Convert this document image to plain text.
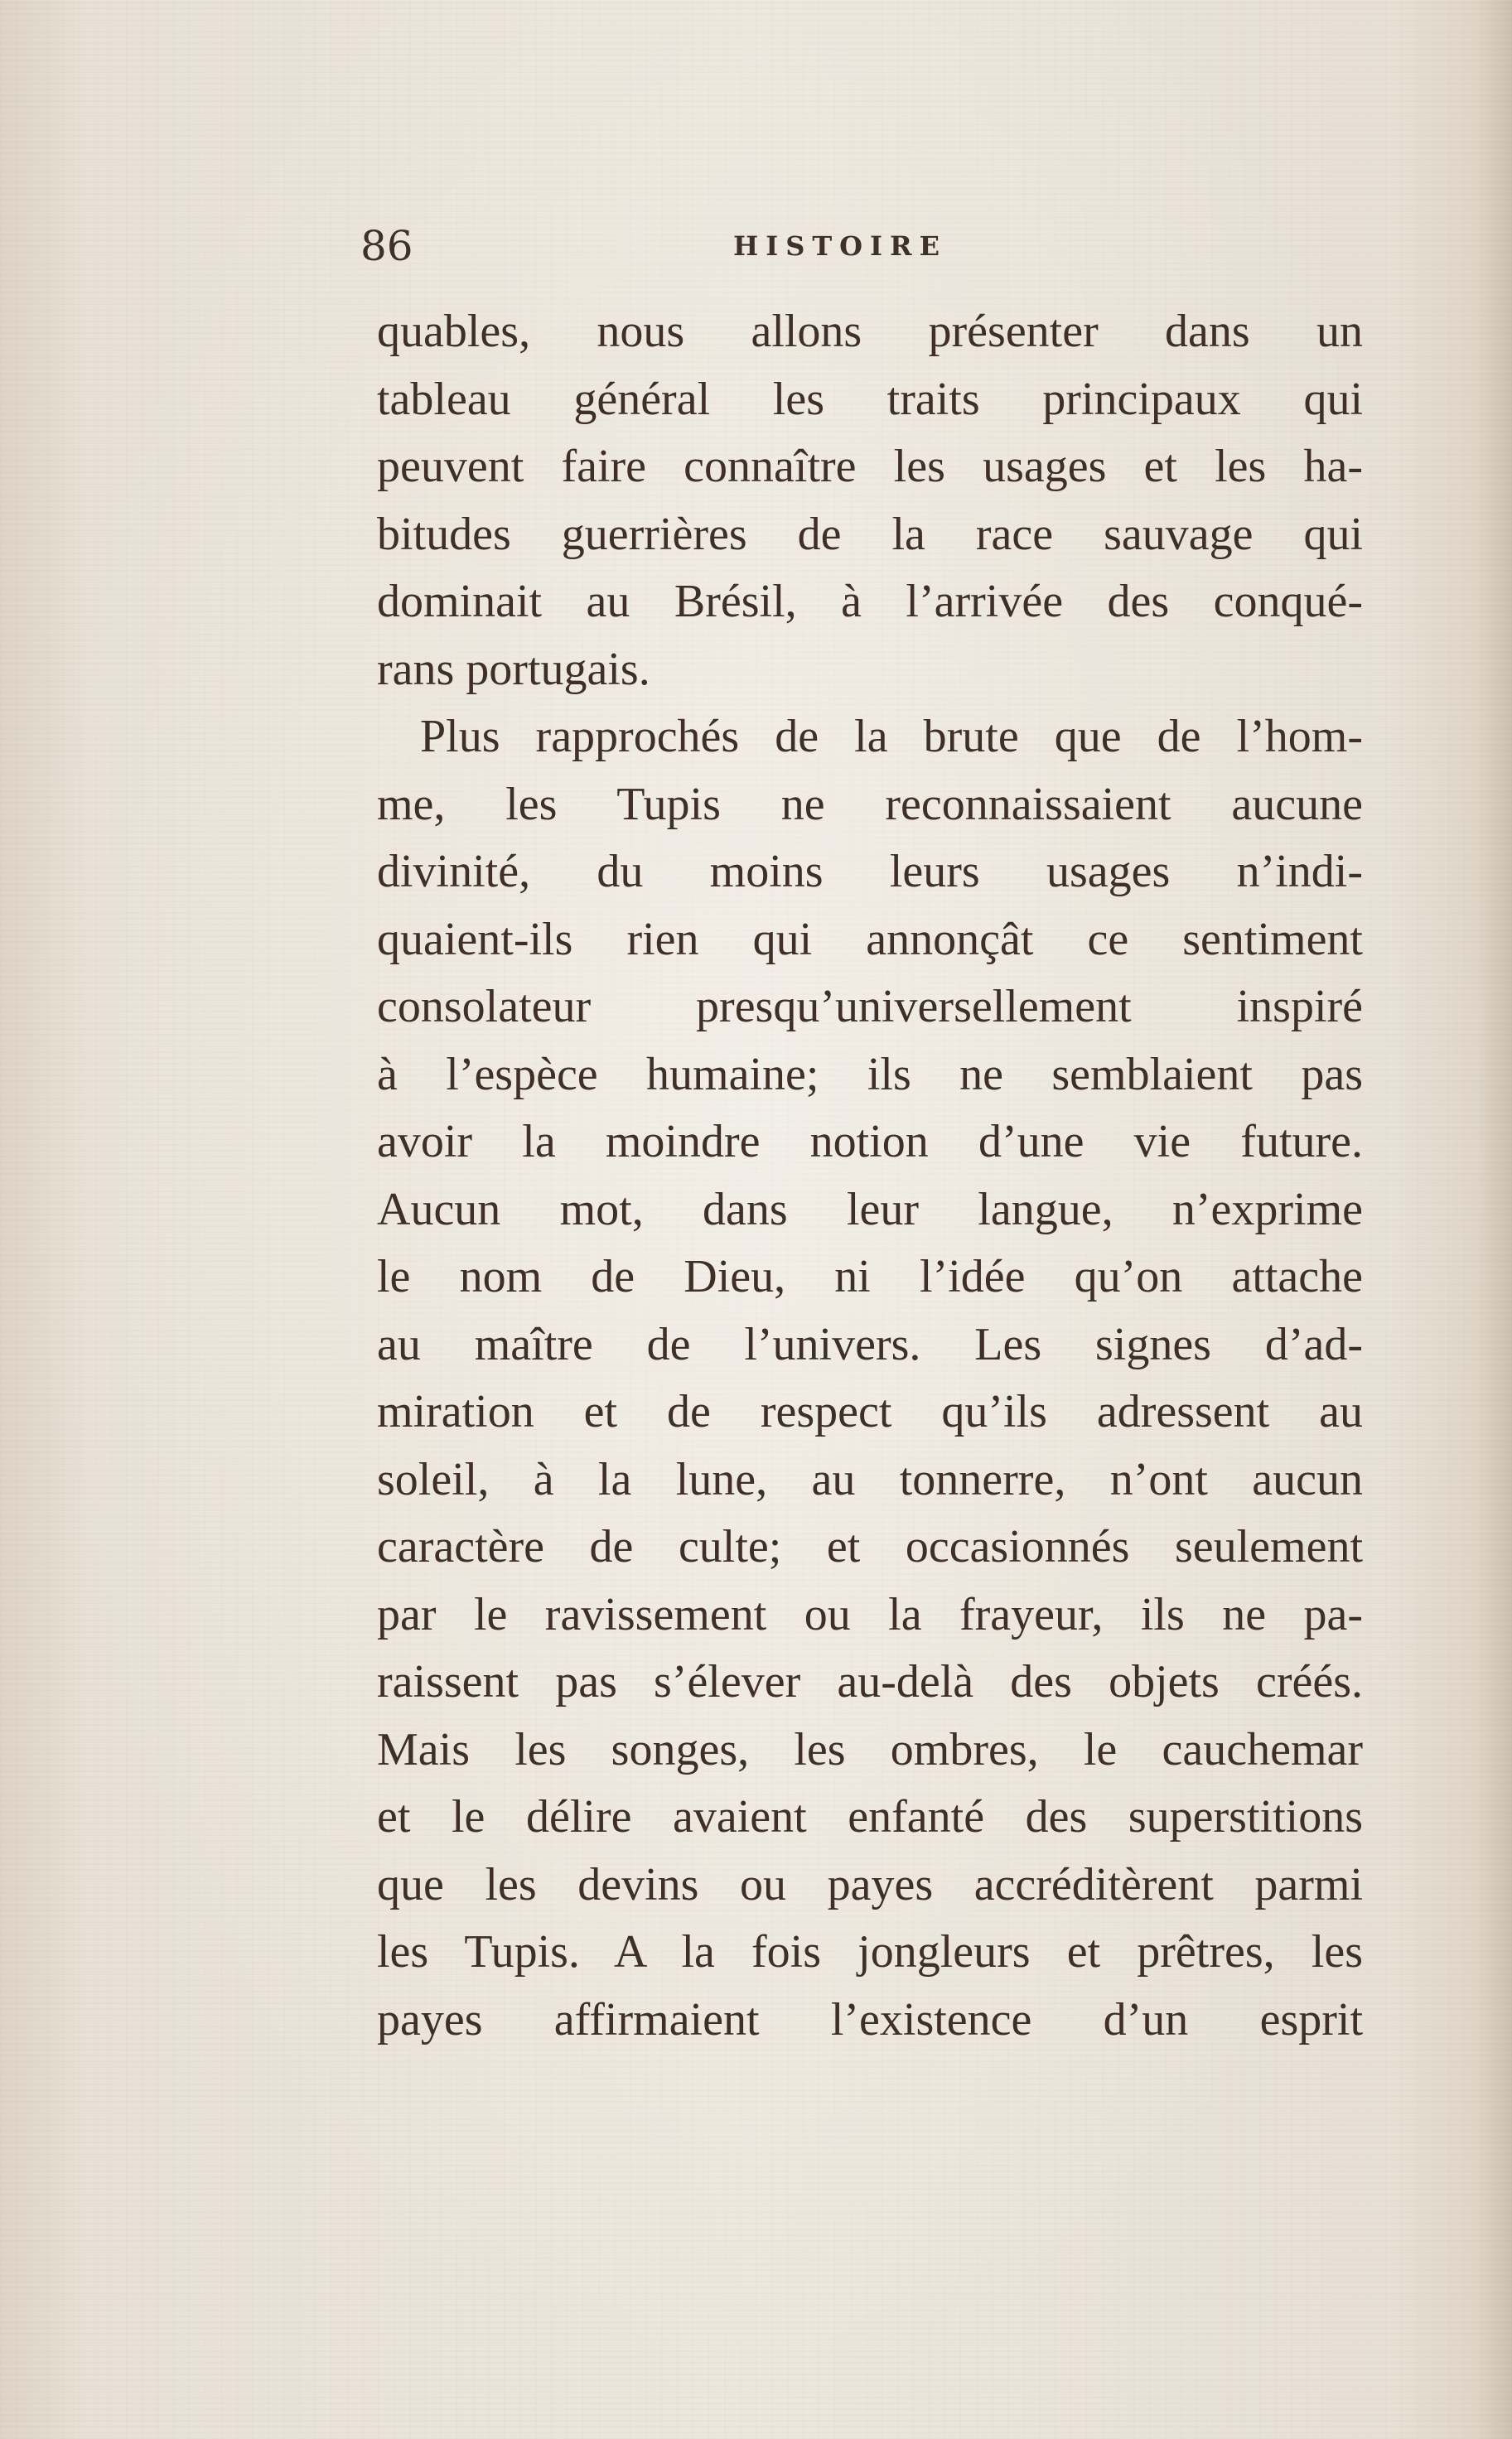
86	HISTOIRE
quables, nous allons présenter dans un
tableau général les traits principaux qui
peuvent faire connaître les usages et les ha-
bitudes guerrières de la race sauvage qui
dominait au Brésil, à l’arrivée des conqué-
rans portugais.
Plus rapprochés de la brute que de l’hom-
me, les Tupis ne reconnaissaient aucune
divinité, du moins leurs usages n’indi-
quaient-ils rien qui annonçât ce sentiment
consolateur presqu’universellement inspiré
à l’espèce humaine; ils ne semblaient pas
avoir la moindre notion d’une vie future.
Aucun mot, dans leur langue, n’exprime
le nom de Dieu, ni l’idée qu’on attache
au maître de l’univers. Les signes d’ad-
miration et de respect qu’ils adressent au
soleil, à la lune, au tonnerre, n’ont aucun
caractère de culte; et occasionnés seulement
par le ravissement ou la frayeur, ils ne pa-
raissent pas s’élever au-delà des objets créés.
Mais les songes, les ombres, le cauchemar
et le délire avaient enfanté des superstitions
que les devins ou payes accréditèrent parmi
les Tupis. A la fois jongleurs et prêtres, les
payes affirmaient l’existence d’un esprit
